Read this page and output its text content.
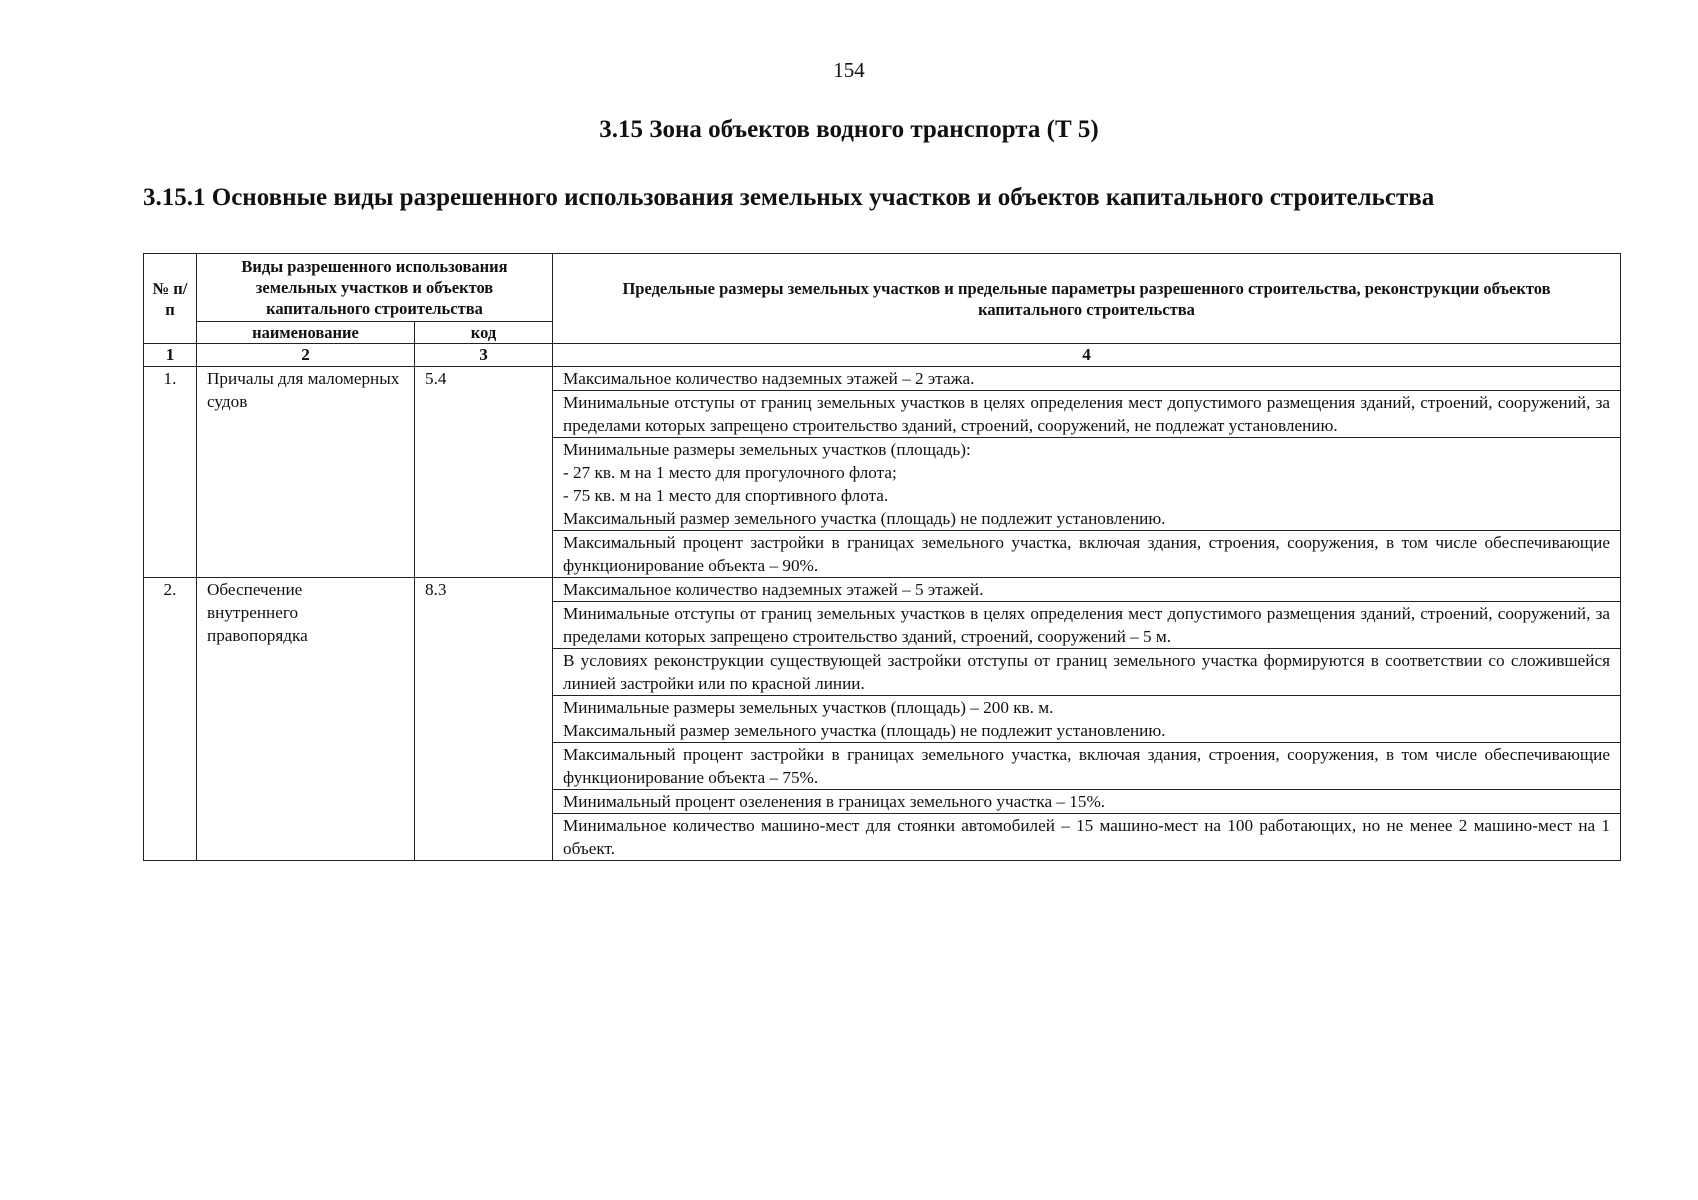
154
3.15 Зона объектов водного транспорта (Т 5)
3.15.1 Основные виды разрешенного использования земельных участков и объектов капитального строительства
№ п/п	Виды разрешенного использования земельных участков и объектов капитального строительства		Предельные размеры земельных участков и предельные параметры разрешенного строительства, реконструкции объектов капитального строительства
	наименование	код	
1	2	3	4
1.	Причалы для маломерных судов	5.4	Максимальное количество надземных этажей – 2 этажа.

			Минимальные отступы от границ земельных участков в целях определения мест допустимого размещения зданий, строений, сооружений, за пределами которых запрещено строительство зданий, строений, сооружений, не подлежат установлению.

			Минимальные размеры земельных участков (площадь):
- 27 кв. м на 1 место для прогулочного флота;
- 75 кв. м на 1 место для спортивного флота.
Максимальный размер земельного участка (площадь) не подлежит установлению.

			Максимальный процент застройки в границах земельного участка, включая здания, строения, сооружения, в том числе обеспечивающие функционирование объекта – 90%.

2.	Обеспечение внутреннего правопорядка	8.3	Максимальное количество надземных этажей – 5 этажей.

			Минимальные отступы от границ земельных участков в целях определения мест допустимого размещения зданий, строений, сооружений, за пределами которых запрещено строительство зданий, строений, сооружений – 5 м.

			В условиях реконструкции существующей застройки отступы от границ земельного участка формируются в соответствии со сложившейся линией застройки или по красной линии.

			Минимальные размеры земельных участков (площадь) – 200 кв. м.
Максимальный размер земельного участка (площадь) не подлежит установлению.

			Максимальный процент застройки в границах земельного участка, включая здания, строения, сооружения, в том числе обеспечивающие функционирование объекта – 75%.

			Минимальный процент озеленения в границах земельного участка – 15%.

			Минимальное количество машино-мест для стоянки автомобилей – 15 машино-мест на 100 работающих, но не менее 2 машино-мест на 1 объект.
